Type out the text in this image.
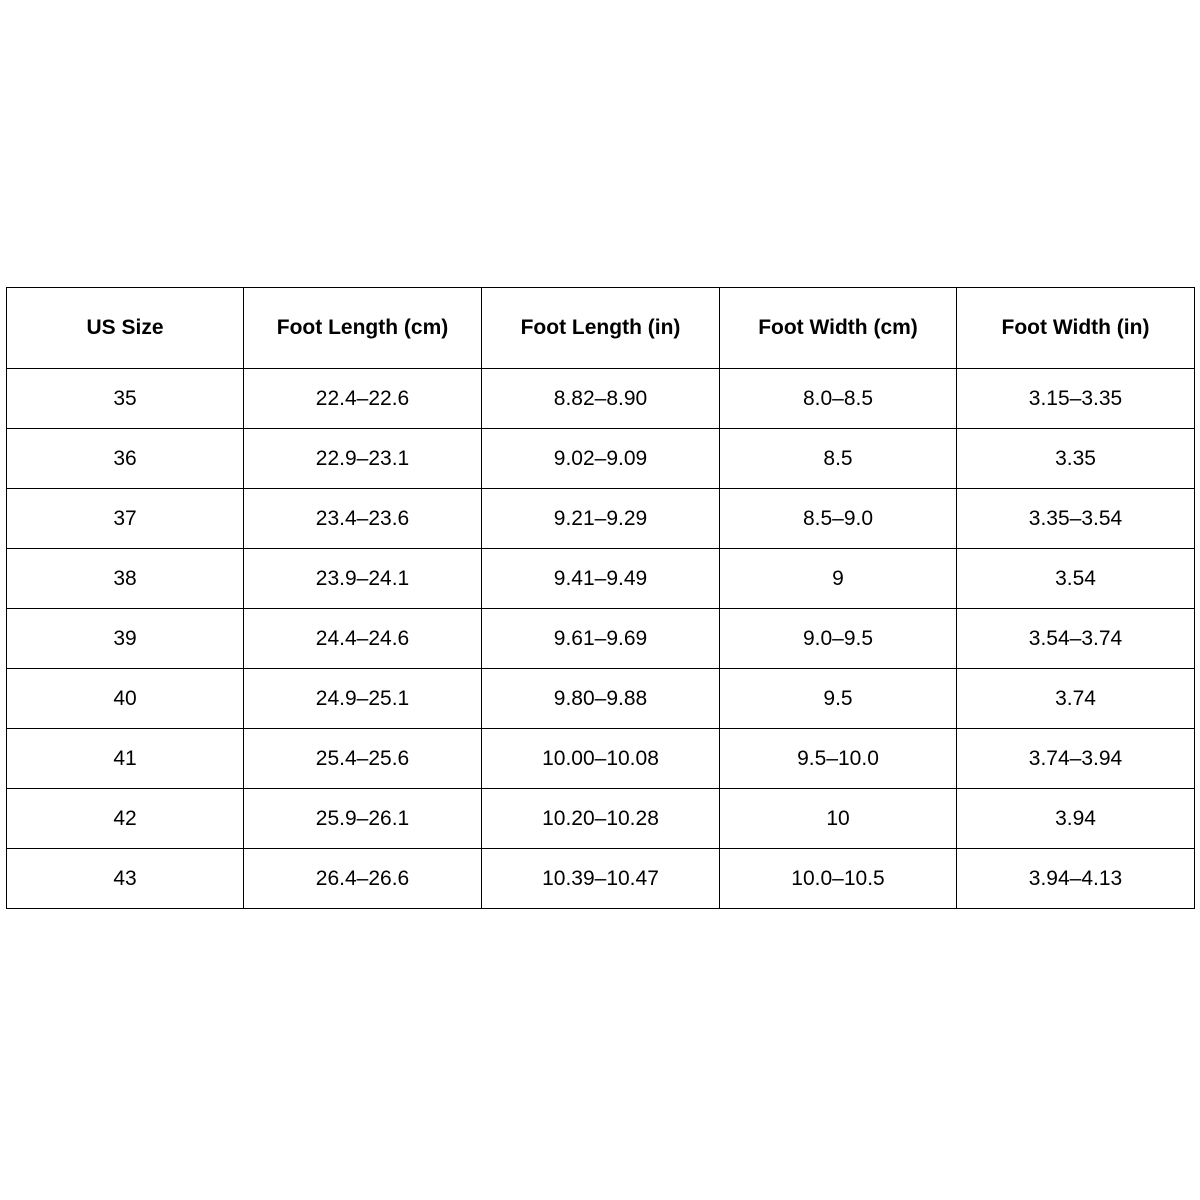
US Size	Foot Length (cm)	Foot Length (in)	Foot Width (cm)	Foot Width (in)
35	22.4–22.6	8.82–8.90	8.0–8.5	3.15–3.35
36	22.9–23.1	9.02–9.09	8.5	3.35
37	23.4–23.6	9.21–9.29	8.5–9.0	3.35–3.54
38	23.9–24.1	9.41–9.49	9	3.54
39	24.4–24.6	9.61–9.69	9.0–9.5	3.54–3.74
40	24.9–25.1	9.80–9.88	9.5	3.74
41	25.4–25.6	10.00–10.08	9.5–10.0	3.74–3.94
42	25.9–26.1	10.20–10.28	10	3.94
43	26.4–26.6	10.39–10.47	10.0–10.5	3.94–4.13
